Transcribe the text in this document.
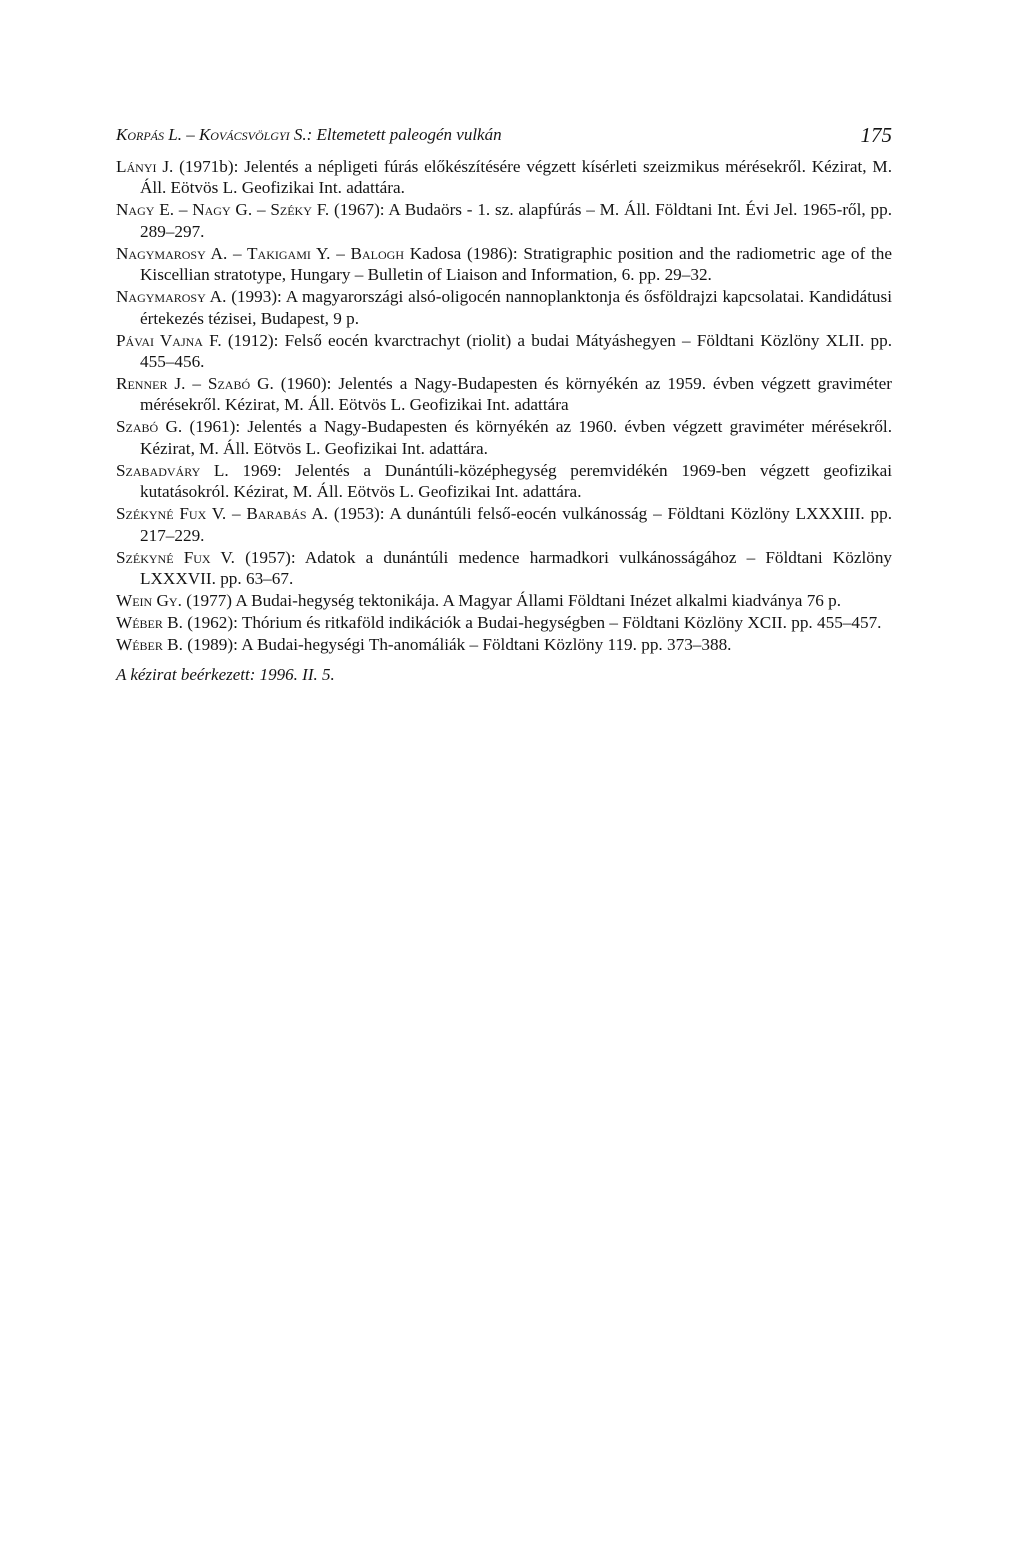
Korpás L. – Kovácsvölgyi S.: Eltemetett paleogén vulkán	175
Lányi J. (1971b): Jelentés a népligeti fúrás előkészítésére végzett kísérleti szeizmikus mérésekről. Kézirat, M. Áll. Eötvös L. Geofizikai Int. adattára.
Nagy E. – Nagy G. – Széky F. (1967): A Budaörs - 1. sz. alapfúrás – M. Áll. Földtani Int. Évi Jel. 1965-ről, pp. 289–297.
Nagymarosy A. – Takigami Y. – Balogh Kadosa (1986): Stratigraphic position and the radiometric age of the Kiscellian stratotype, Hungary – Bulletin of Liaison and Information, 6. pp. 29–32.
Nagymarosy A. (1993): A magyarországi alsó-oligocén nannoplanktonja és ősföldrajzi kapcsolatai. Kandidátusi értekezés tézisei, Budapest, 9 p.
Pávai Vajna F. (1912): Felső eocén kvarctrachyt (riolit) a budai Mátyáshegyen – Földtani Közlöny XLII. pp. 455–456.
Renner J. – Szabó G. (1960): Jelentés a Nagy-Budapesten és környékén az 1959. évben végzett graviméter mérésekről. Kézirat, M. Áll. Eötvös L. Geofizikai Int. adattára
Szabó G. (1961): Jelentés a Nagy-Budapesten és környékén az 1960. évben végzett graviméter mérésekről. Kézirat, M. Áll. Eötvös L. Geofizikai Int. adattára.
Szabadváry L. 1969: Jelentés a Dunántúli-középhegység peremvidékén 1969-ben végzett geofizikai kutatásokról. Kézirat, M. Áll. Eötvös L. Geofizikai Int. adattára.
Székyné Fux V. – Barabás A. (1953): A dunántúli felső-eocén vulkánosság – Földtani Közlöny LXXXIII. pp. 217–229.
Székyné Fux V. (1957): Adatok a dunántúli medence harmadkori vulkánosságához – Földtani Közlöny LXXXVII. pp. 63–67.
Wein Gy. (1977) A Budai-hegység tektonikája. A Magyar Állami Földtani Inézet alkalmi kiadványa 76 p.
Wéber B. (1962): Thórium és ritkaföld indikációk a Budai-hegységben – Földtani Közlöny XCII. pp. 455–457.
Wéber B. (1989): A Budai-hegységi Th-anomáliák – Földtani Közlöny 119. pp. 373–388.
A kézirat beérkezett: 1996. II. 5.
